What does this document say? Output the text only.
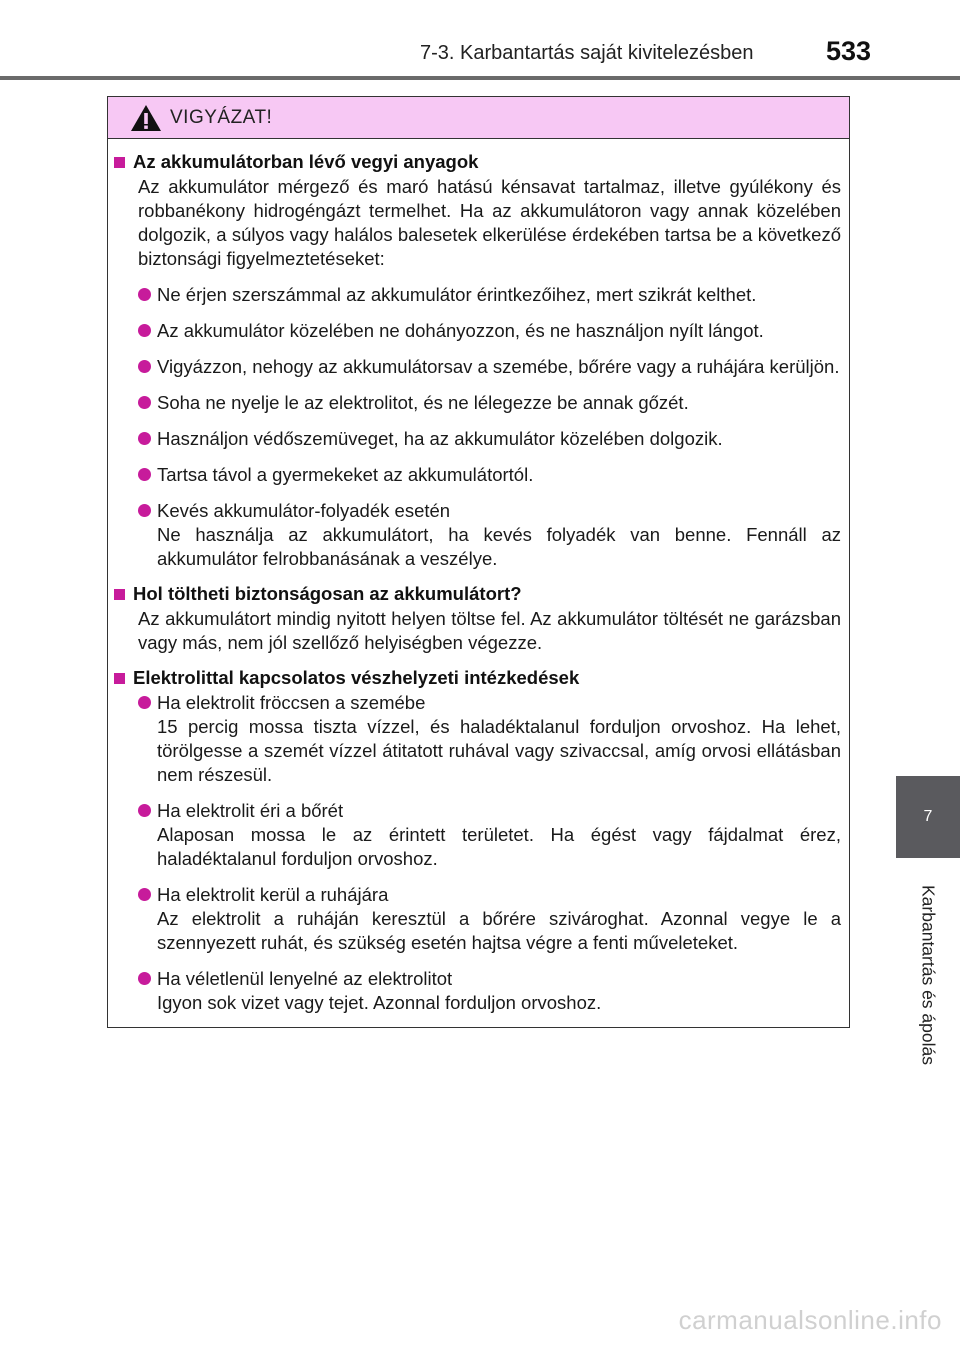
7-3. Karbantartás saját kivitelezésben	533
VIGYÁZAT!
Az akkumulátorban lévő vegyi anyagok

Az akkumulátor mérgező és maró hatású kénsavat tartalmaz, illetve gyúlékony és robbanékony hidrogéngázt termelhet. Ha az akkumulátoron vagy annak közelében dolgozik, a súlyos vagy halálos balesetek elkerülése érdekében tartsa be a következő biztonsági figyelmeztetéseket:

Ne érjen szerszámmal az akkumulátor érintkezőihez, mert szikrát kelthet.
Az akkumulátor közelében ne dohányozzon, és ne használjon nyílt lángot.
Vigyázzon, nehogy az akkumulátorsav a szemébe, bőrére vagy a ruhájára kerüljön.
Soha ne nyelje le az elektrolitot, és ne lélegezze be annak gőzét.
Használjon védőszemüveget, ha az akkumulátor közelében dolgozik.
Tartsa távol a gyermekeket az akkumulátortól.
Kevés akkumulátor-folyadék esetén
Ne használja az akkumulátort, ha kevés folyadék van benne. Fennáll az akkumulátor felrobbanásának a veszélye.
Hol töltheti biztonságosan az akkumulátort?

Az akkumulátort mindig nyitott helyen töltse fel. Az akkumulátor töltését ne garázsban vagy más, nem jól szellőző helyiségben végezze.

Elektrolittal kapcsolatos vészhelyzeti intézkedések
Ha elektrolit fröccsen a szemébe
15 percig mossa tiszta vízzel, és haladéktalanul forduljon orvoshoz. Ha lehet, törölgesse a szemét vízzel átitatott ruhával vagy szivaccsal, amíg orvosi ellátásban nem részesül.
Ha elektrolit éri a bőrét
Alaposan mossa le az érintett területet. Ha égést vagy fájdalmat érez, haladéktalanul forduljon orvoshoz.
Ha elektrolit kerül a ruhájára
Az elektrolit a ruháján keresztül a bőrére szivároghat. Azonnal vegye le a szennyezett ruhát, és szükség esetén hajtsa végre a fenti műveleteket.
Ha véletlenül lenyelné az elektrolitot
Igyon sok vizet vagy tejet. Azonnal forduljon orvoshoz.
7
Karbantartás és ápolás
carmanualsonline.info
